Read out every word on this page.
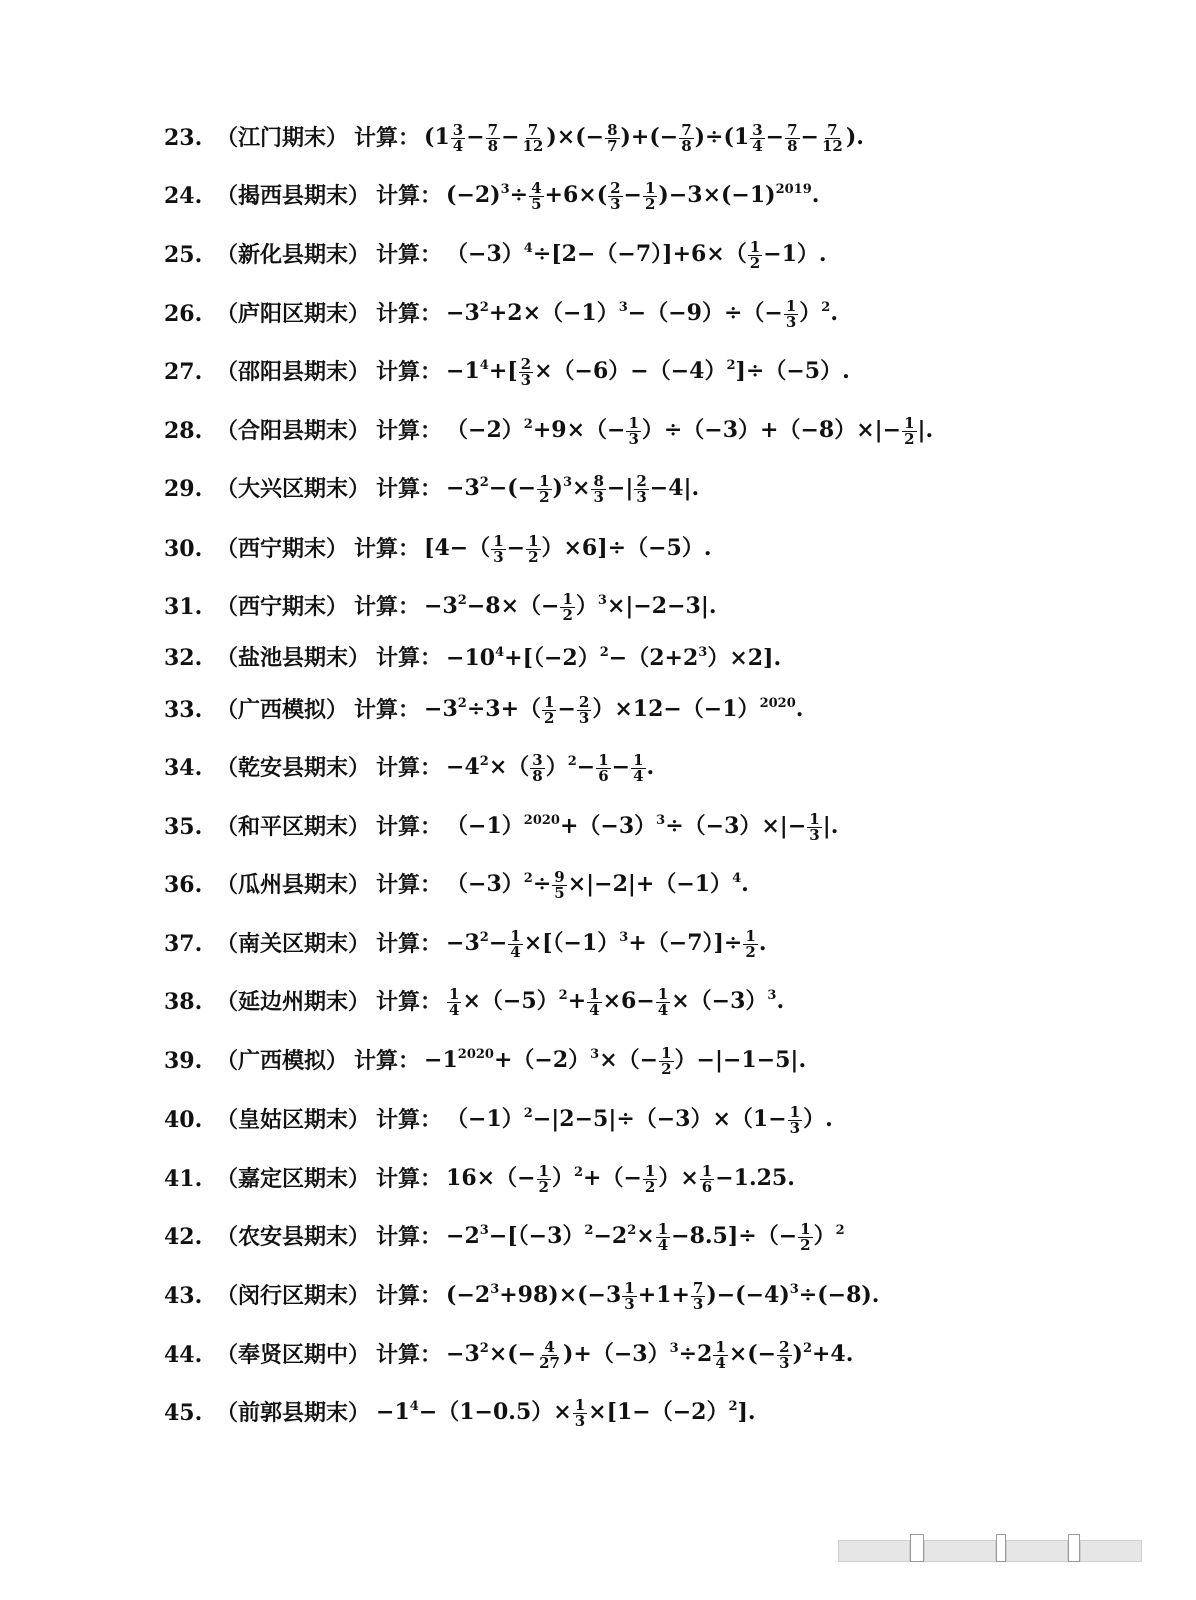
23. （江门期末） 计算： ($1 \frac{3}{4} - \frac{7}{8} - \frac{7}{12}$ )×(− $\frac{8}{7}$ )+(− $\frac{7}{8} )\div(1 \frac{3}{4} - \frac{7}{8} - \frac{7}{12}$ ).
24. （揭西县期末） 计算： $(-2)^3\div \frac{4}{5} +6\times( \frac{2}{3} - \frac{1}{2} )-3\times(-1)^{2019}$.
25. （新化县期末） 计算： $(-3)^4\div[2-(-7)]+6\times( \frac{1}{2} -1)$.
26. （庐阳区期末） 计算： $-3^2+2\times(-1)^3-(-9)\div(- \frac{1}{3} )^2$.
27. （邵阳县期末） 计算： $-1^4+[ \frac{2}{3} \times(-6)-(-4)^2]\div(-5)$.
28. （合阳县期末） 计算： $(-2)^2+9\times(- \frac{1}{3} )\div(-3)+(-8)\times|- \frac{1}{2}$ |.
29. （大兴区期末） 计算： $-3^2-(- \frac{1}{2} )^3\times \frac{8}{3}$ −| $\frac{2}{3} -4|$.
30. （西宁期末） 计算： $[4-( \frac{1}{3} - \frac{1}{2} )\times 6]\div(-5)$.
31. （西宁期末） 计算： $-3^2-8\times(- \frac{1}{2} )^3\times|-2-3|$.
32. （盐池县期末） 计算： $-10^4+[(-2)^2-(2+2^3)\times 2]$.
33. （广西模拟） 计算： $-3^2\div 3+( \frac{1}{2} - \frac{2}{3} )\times 12-(-1)^{2020}$.
34. （乾安县期末） 计算： $-4^2\times( \frac{3}{8} )^2- \frac{1}{6} - \frac{1}{4}$ .
35. （和平区期末） 计算： $(-1)^{2020}+(-3)^3\div(-3)\times|- \frac{1}{3}$ |.
36. （瓜州县期末） 计算： $(-3)^2\div \frac{9}{5} \times|-2|+(-1)^4$.
37. （南关区期末） 计算： $-3^2- \frac{1}{4} \times[(-1)^3+(-7)]\div \frac{1}{2}$ .
38. （延边州期末） 计算： $\frac{1}{4} \times(-5)^2+ \frac{1}{4} \times 6- \frac{1}{4} \times(-3)^3$.
39. （广西模拟） 计算： $-1^{2020}+(-2)^3\times(- \frac{1}{2} )-|-1-5|$.
40. （皇姑区期末） 计算： $(-1)^2-|2-5|\div(-3)\times(1- \frac{1}{3}$ ）.
41. （嘉定区期末） 计算： $16\times(- \frac{1}{2} )^2+(- \frac{1}{2}$ ）× $\frac{1}{6} -1.25$.
42. （农安县期末） 计算： $-2^3-[(-3)^2-2^2\times \frac{1}{4} -8.5]\div(- \frac{1}{2} )^2$
43. （闵行区期末） 计算： $(-2^3+98)\times(-3 \frac{1}{3} +1+ \frac{7}{3} )-(-4)^3\div(-8)$.
44. （奉贤区期中） 计算： $-3^2\times(- \frac{4}{27} )+(-3)^3\div 2 \frac{1}{4}$ ×(− $\frac{2}{3} )^2+4$.
45. （前郭县期末） $-1^4-(1-0.5)\times \frac{1}{3} \times[1-(-2)^2]$.
